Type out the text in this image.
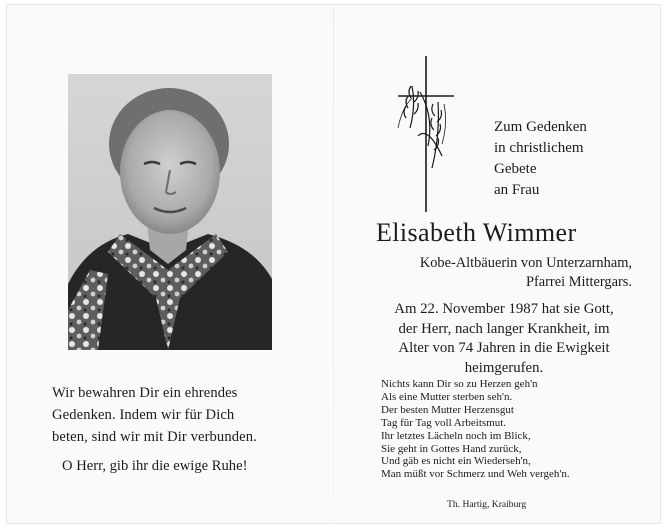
Wir bewahren Dir ein ehrendes
Gedenken. Indem wir für Dich
beten, sind wir mit Dir verbunden.
O Herr, gib ihr die ewige Ruhe!
Zum Gedenken
in christlichem
Gebete
an Frau
Elisabeth Wimmer
Kobe-Altbäuerin von Unterzarnham,
Pfarrei Mittergars.
Am 22. November 1987 hat sie Gott,
der Herr, nach langer Krankheit, im
Alter von 74 Jahren in die Ewigkeit
heimgerufen.
Nichts kann Dir so zu Herzen geh'n
Als eine Mutter sterben seh'n.
Der besten Mutter Herzensgut
Tag für Tag voll Arbeitsmut.
Ihr letztes Lächeln noch im Blick,
Sie geht in Gottes Hand zurück,
Und gäb es nicht ein Wiederseh'n,
Man müßt vor Schmerz und Weh vergeh'n.
Th. Hartig, Kraiburg
